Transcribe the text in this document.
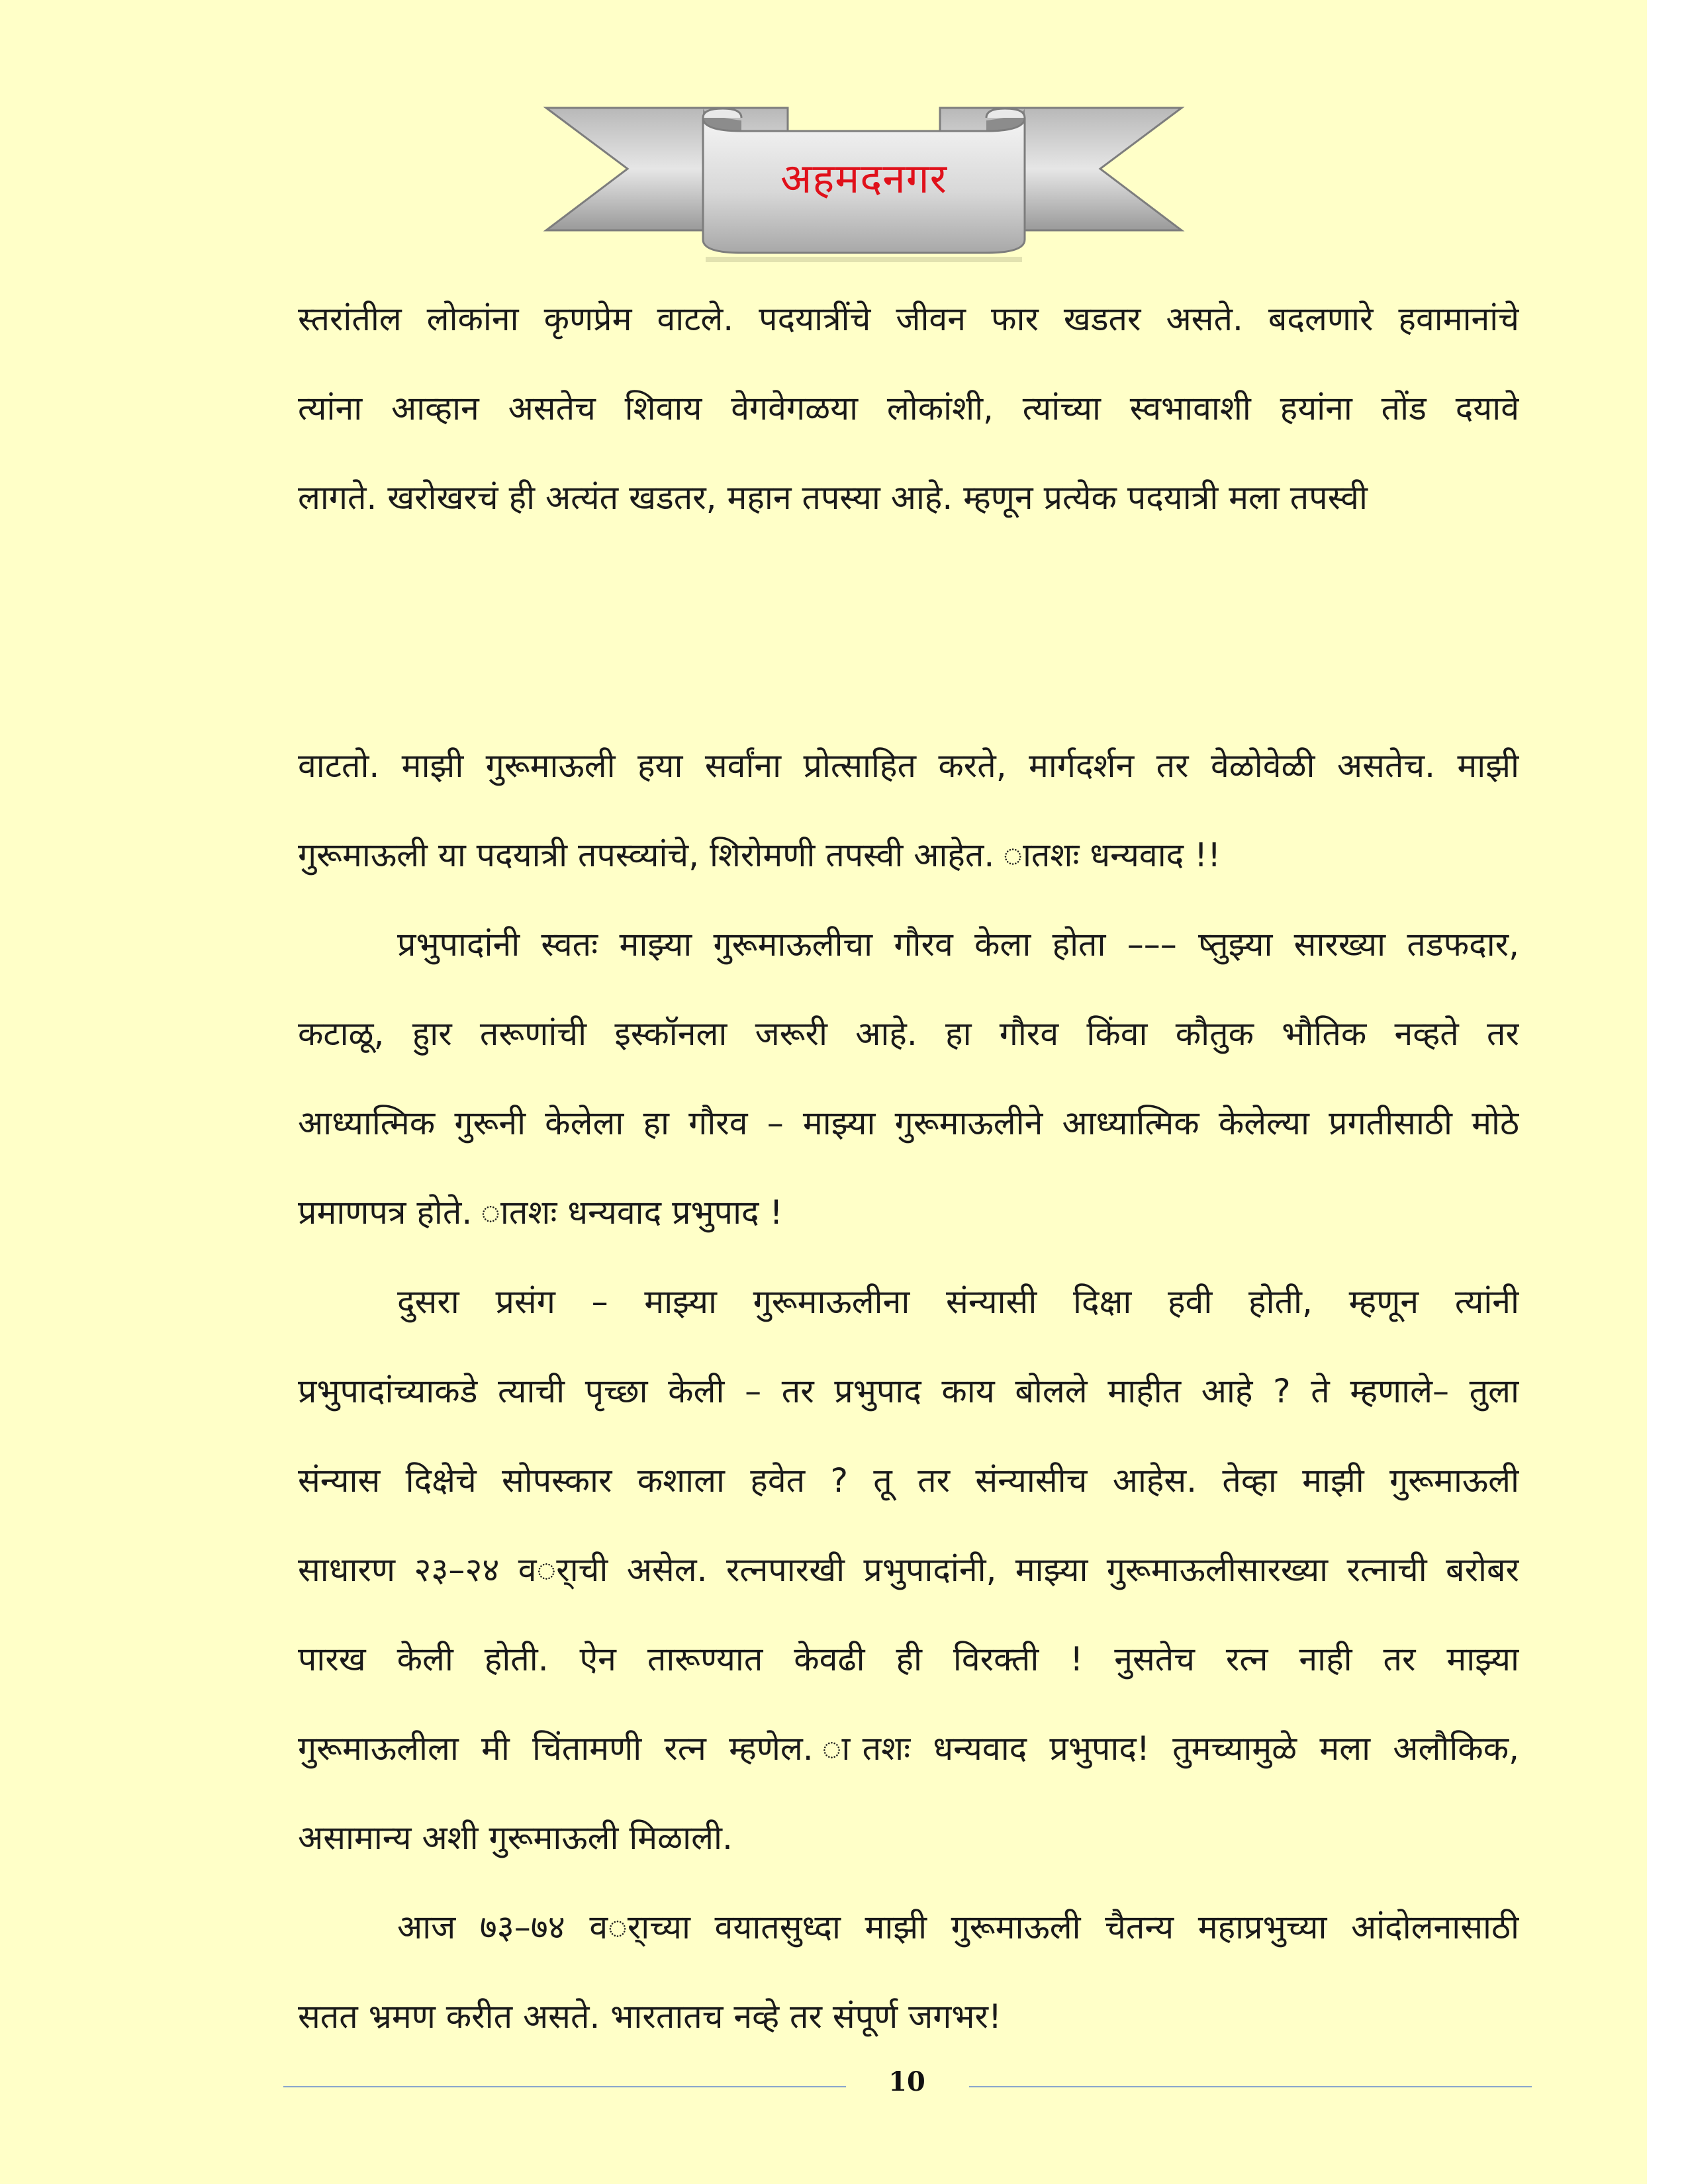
अहमदनगर
स्तरांतील लोकांना कृणप्रेम वाटले. पदयात्रींचे जीवन फार खडतर असते. बदलणारे हवामानांचे
त्यांना आव्हान असतेच शिवाय वेगवेगळया लोकांशी, त्यांच्या स्वभावाशी हयांना तोंड दयावे
लागते. खरोखरचं ही अत्यंत खडतर, महान तपस्या आहे. म्हणून प्रत्येक पदयात्री मला तपस्वी
वाटतो. माझी गुरूमाऊली हया सर्वांना प्रोत्साहित करते, मार्गदर्शन तर वेळोवेळी असतेच. माझी
गुरूमाऊली या पदयात्री तपस्व्यांचे, शिरोमणी तपस्वी आहेत. ातशः धन्यवाद !!
प्रभुपादांनी स्वतः माझ्या गुरूमाऊलीचा गौरव केला होता ––– ष्तुझ्या सारख्या तडफदार,
कटाळू, हुार तरूणांची इस्कॉनला जरूरी आहे. हा गौरव किंवा कौतुक भौतिक नव्हते तर
आध्यात्मिक गुरूनी केलेला हा गौरव – माझ्या गुरूमाऊलीने आध्यात्मिक केलेल्या प्रगतीसाठी मोठे
प्रमाणपत्र होते. ातशः धन्यवाद प्रभुपाद !
दुसरा प्रसंग – माझ्या गुरूमाऊलीना संन्यासी दिक्षा हवी होती, म्हणून त्यांनी
प्रभुपादांच्याकडे त्याची पृच्छा केली – तर प्रभुपाद काय बोलले माहीत आहे ? ते म्हणाले– तुला
संन्यास दिक्षेचे सोपस्कार कशाला हवेत ? तू तर संन्यासीच आहेस. तेव्हा माझी गुरूमाऊली
साधारण २३–२४ वर्ाची असेल. रत्नपारखी प्रभुपादांनी, माझ्या गुरूमाऊलीसारख्या रत्नाची बरोबर
पारख केली होती. ऐन तारूण्यात केवढी ही विरक्ती ! नुसतेच रत्न नाही तर माझ्या
गुरूमाऊलीला मी चिंतामणी रत्न म्हणेल. ातशः धन्यवाद प्रभुपाद! तुमच्यामुळे मला अलौकिक,
असामान्य अशी गुरूमाऊली मिळाली.
आज ७३–७४ वर्ाच्या वयातसुध्दा माझी गुरूमाऊली चैतन्य महाप्रभुच्या आंदोलनासाठी
सतत भ्रमण करीत असते. भारतातच नव्हे तर संपूर्ण जगभर!
10
